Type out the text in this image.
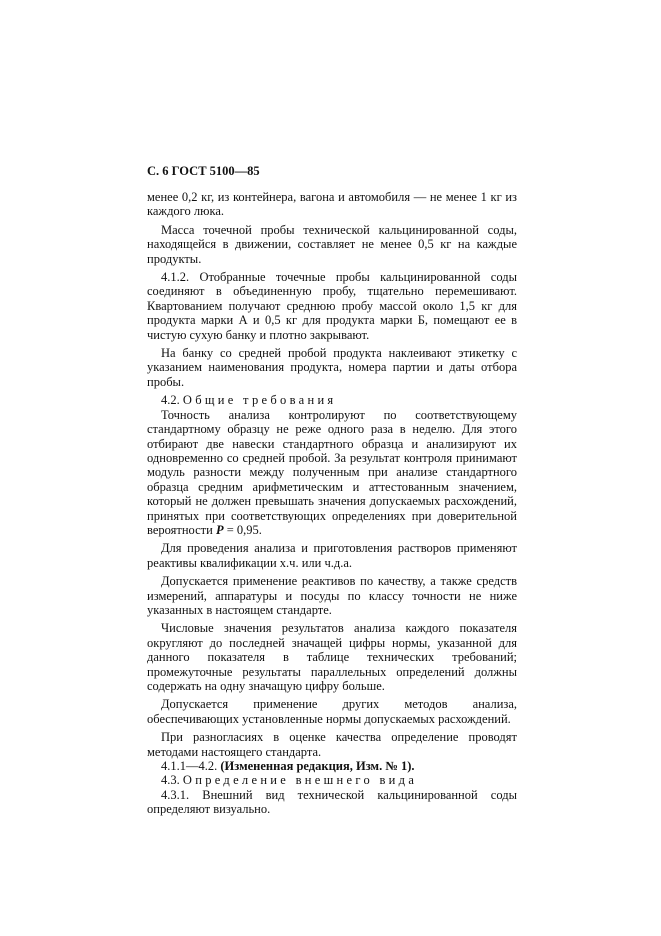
С. 6 ГОСТ 5100—85

менее 0,2 кг, из контейнера, вагона и автомобиля — не менее 1 кг из каждого люка.

Масса точечной пробы технической кальцинированной соды, находящейся в движении, составляет не менее 0,5 кг на каждые продукты.

4.1.2. Отобранные точечные пробы кальцинированной соды соединяют в объединенную пробу, тщательно перемешивают. Квартованием получают среднюю пробу массой около 1,5 кг для продукта марки А и 0,5 кг для продукта марки Б, помещают ее в чистую сухую банку и плотно закрывают.

На банку со средней пробой продукта наклеивают этикетку с указанием наименования продукта, номера партии и даты отбора пробы.

4.2. Общие требования

Точность анализа контролируют по соответствующему стандартному образцу не реже одного раза в неделю. Для этого отбирают две навески стандартного образца и анализируют их одновременно со средней пробой. За результат контроля принимают модуль разности между полученным при анализе стандартного образца средним арифметическим и аттестованным значением, который не должен превышать значения допускаемых расхождений, принятых при соответствующих определениях при доверительной вероятности P = 0,95.

Для проведения анализа и приготовления растворов применяют реактивы квалификации х.ч. или ч.д.а.

Допускается применение реактивов по качеству, а также средств измерений, аппаратуры и посуды по классу точности не ниже указанных в настоящем стандарте.

Числовые значения результатов анализа каждого показателя округляют до последней значащей цифры нормы, указанной для данного показателя в таблице технических требований; промежуточные результаты параллельных определений должны содержать на одну значащую цифру больше.

Допускается применение других методов анализа, обеспечивающих установленные нормы допускаемых расхождений.

При разногласиях в оценке качества определение проводят методами настоящего стандарта.

4.1.1—4.2. (Измененная редакция, Изм. № 1).

4.3. Определение внешнего вида

4.3.1. Внешний вид технической кальцинированной соды определяют визуально.
